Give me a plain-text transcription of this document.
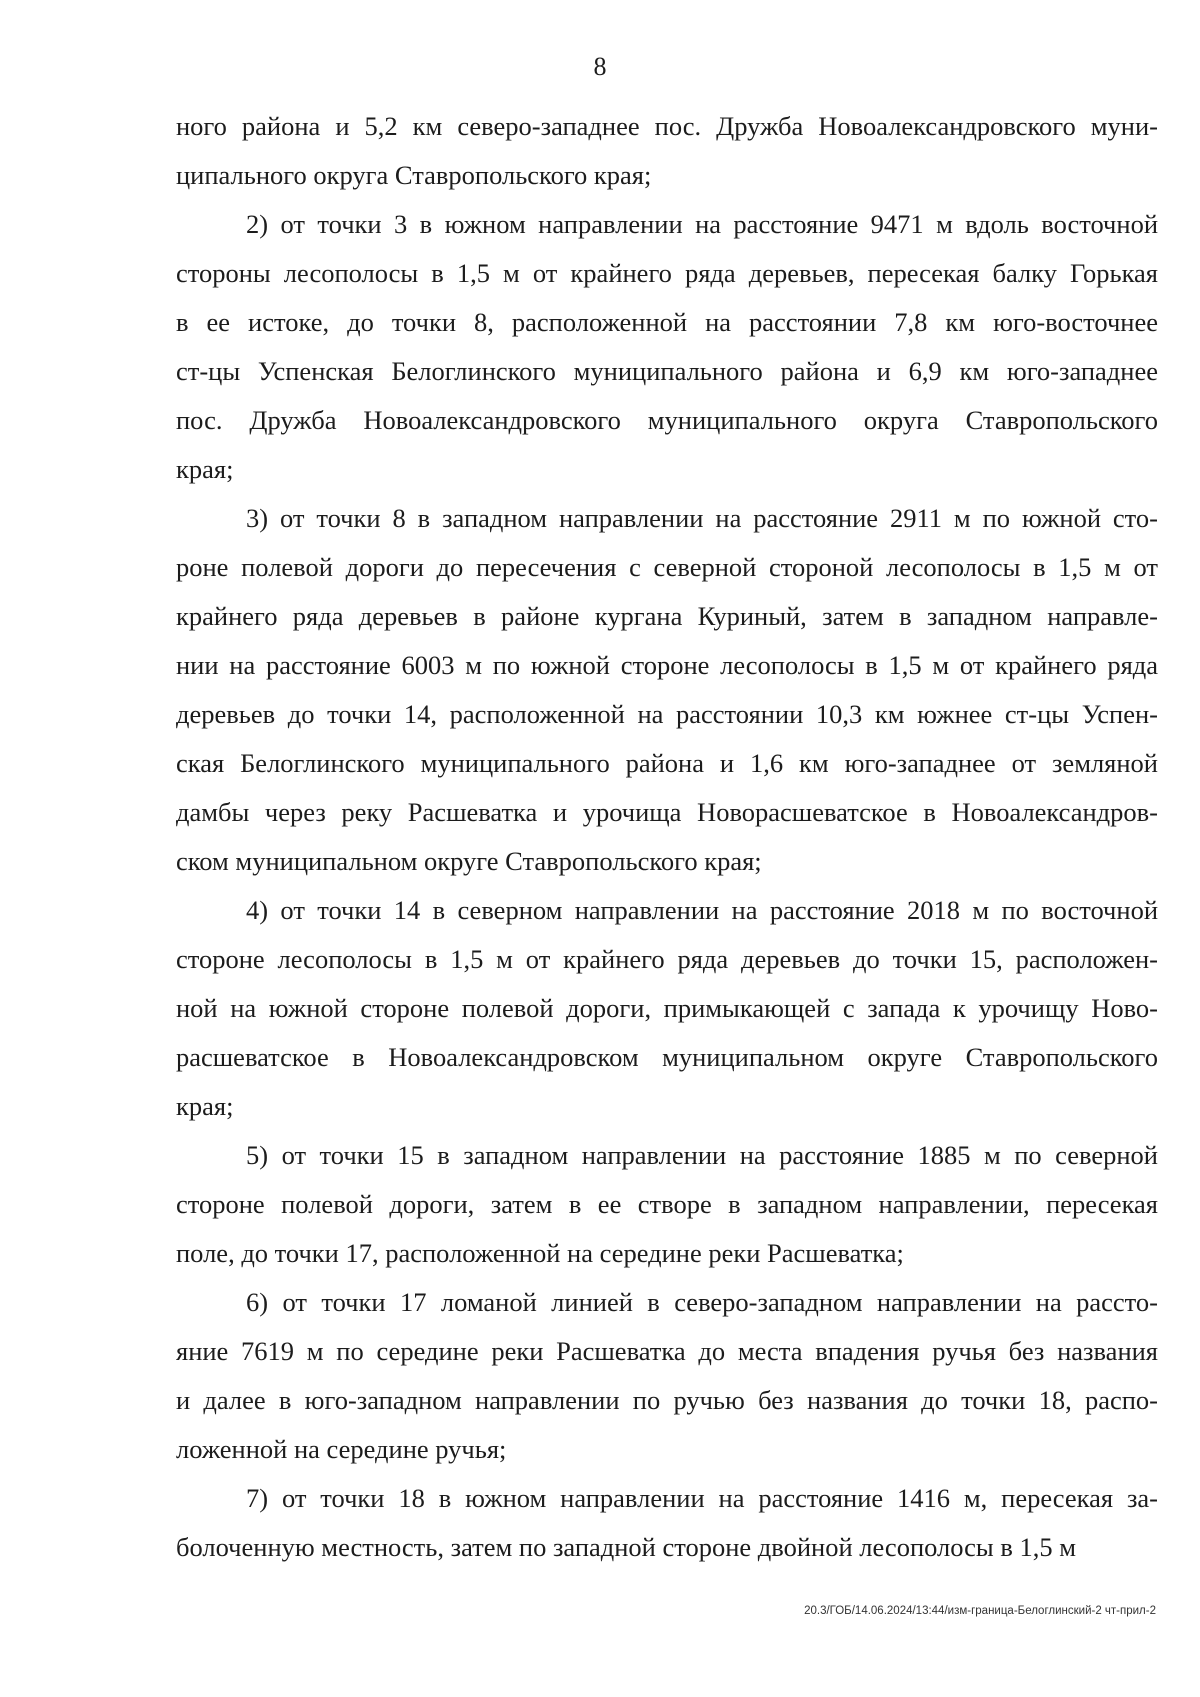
8
ного района и 5,2 км северо-западнее пос. Дружба Новоалександровского муни-
ципального округа Ставропольского края;
2) от точки 3 в южном направлении на расстояние 9471 м вдоль восточной
стороны лесополосы в 1,5 м от крайнего ряда деревьев, пересекая балку Горькая
в ее истоке, до точки 8, расположенной на расстоянии 7,8 км юго-восточнее
ст-цы Успенская Белоглинского муниципального района и 6,9 км юго-западнее
пос. Дружба Новоалександровского муниципального округа Ставропольского
края;
3) от точки 8 в западном направлении на расстояние 2911 м по южной сто-
роне полевой дороги до пересечения с северной стороной лесополосы в 1,5 м от
крайнего ряда деревьев в районе кургана Куриный, затем в западном направле-
нии на расстояние 6003 м по южной стороне лесополосы в 1,5 м от крайнего ряда
деревьев до точки 14, расположенной на расстоянии 10,3 км южнее ст-цы Успен-
ская Белоглинского муниципального района и 1,6 км юго-западнее от земляной
дамбы через реку Расшеватка и урочища Новорасшеватское в Новоалександров-
ском муниципальном округе Ставропольского края;
4) от точки 14 в северном направлении на расстояние 2018 м по восточной
стороне лесополосы в 1,5 м от крайнего ряда деревьев до точки 15, расположен-
ной на южной стороне полевой дороги, примыкающей с запада к урочищу Ново-
расшеватское в Новоалександровском муниципальном округе Ставропольского
края;
5) от точки 15 в западном направлении на расстояние 1885 м по северной
стороне полевой дороги, затем в ее створе в западном направлении, пересекая
поле, до точки 17, расположенной на середине реки Расшеватка;
6) от точки 17 ломаной линией в северо-западном направлении на рассто-
яние 7619 м по середине реки Расшеватка до места впадения ручья без названия
и далее в юго-западном направлении по ручью без названия до точки 18, распо-
ложенной на середине ручья;
7) от точки 18 в южном направлении на расстояние 1416 м, пересекая за-
болоченную местность, затем по западной стороне двойной лесополосы в 1,5 м
20.3/ГОБ/14.06.2024/13:44/изм-граница-Белоглинский-2 чт-прил-2
